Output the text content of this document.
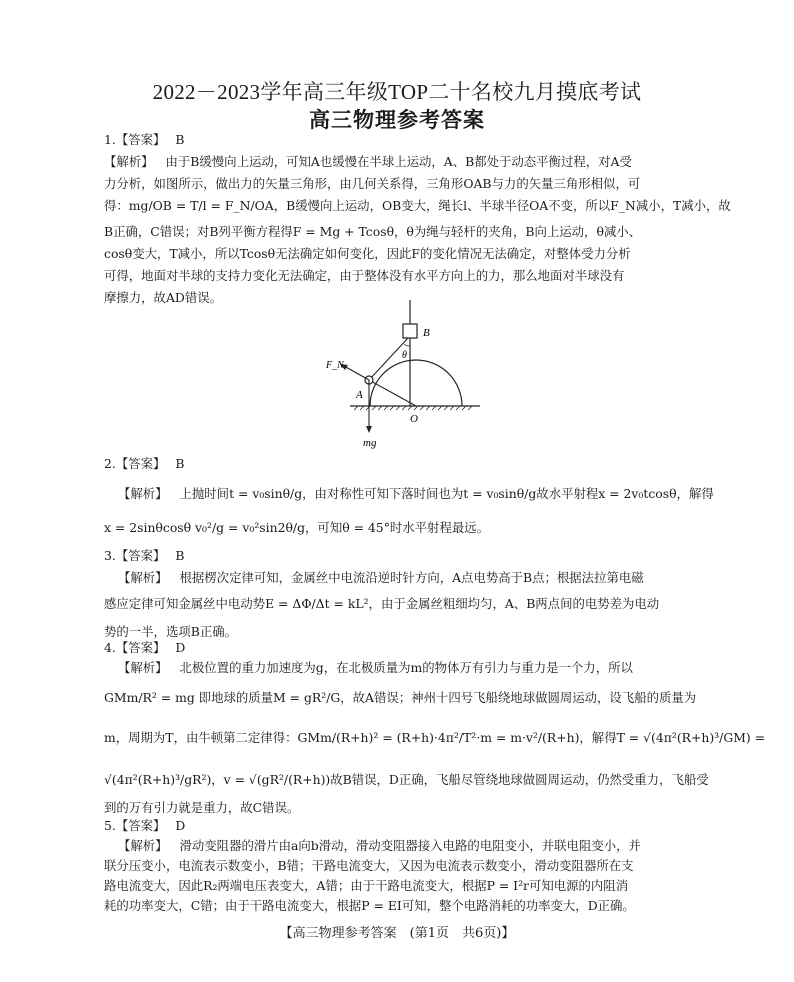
2022－2023学年高三年级TOP二十名校九月摸底考试
高三物理参考答案
1.【答案】 B
【解析】 由于B缓慢向上运动，可知A也缓慢在半球上运动，A、B都处于动态平衡过程，对A受
力分析，如图所示，做出力的矢量三角形，由几何关系得，三角形OAB与力的矢量三角形相似，可
得：mg/OB = T/l = F_N/OA，B缓慢向上运动，OB变大，绳长l、半球半径OA不变，所以F_N减小，T减小，故
B正确，C错误；对B列平衡方程得F = Mg + Tcosθ，θ为绳与轻杆的夹角，B向上运动，θ减小、
cosθ变大，T减小，所以Tcosθ无法确定如何变化，因此F的变化情况无法确定，对整体受力分析
可得，地面对半球的支持力变化无法确定，由于整体没有水平方向上的力，那么地面对半球没有
摩擦力，故AD错误。
B
θ
F_N
A
O
mg
2.【答案】 B
【解析】 上抛时间t = v₀sinθ/g，由对称性可知下落时间也为t = v₀sinθ/g故水平射程x = 2v₀tcosθ，解得
x = 2sinθcosθ v₀²/g = v₀²sin2θ/g，可知θ = 45°时水平射程最远。
3.【答案】 B
【解析】 根据楞次定律可知，金属丝中电流沿逆时针方向，A点电势高于B点；根据法拉第电磁
感应定律可知金属丝中电动势E = ΔΦ/Δt = kL²，由于金属丝粗细均匀，A、B两点间的电势差为电动
势的一半，选项B正确。
4.【答案】 D
【解析】 北极位置的重力加速度为g，在北极质量为m的物体万有引力与重力是一个力，所以
GMm/R² = mg 即地球的质量M = gR²/G，故A错误；神州十四号飞船绕地球做圆周运动，设飞船的质量为
m，周期为T，由牛顿第二定律得：GMm/(R+h)² = (R+h)·4π²/T²·m = m·v²/(R+h)，解得T = √(4π²(R+h)³/GM) =
√(4π²(R+h)³/gR²)，v = √(gR²/(R+h))故B错误，D正确，飞船尽管绕地球做圆周运动，仍然受重力，飞船受
到的万有引力就是重力，故C错误。
5.【答案】 D
【解析】 滑动变阻器的滑片由a向b滑动，滑动变阻器接入电路的电阻变小，并联电阻变小，并
联分压变小，电流表示数变小，B错；干路电流变大，又因为电流表示数变小，滑动变阻器所在支
路电流变大，因此R₂两端电压表变大，A错；由于干路电流变大，根据P = I²r可知电源的内阻消
耗的功率变大，C错；由于干路电流变大，根据P = EI可知，整个电路消耗的功率变大，D正确。
【高三物理参考答案　(第1页　共6页)】
